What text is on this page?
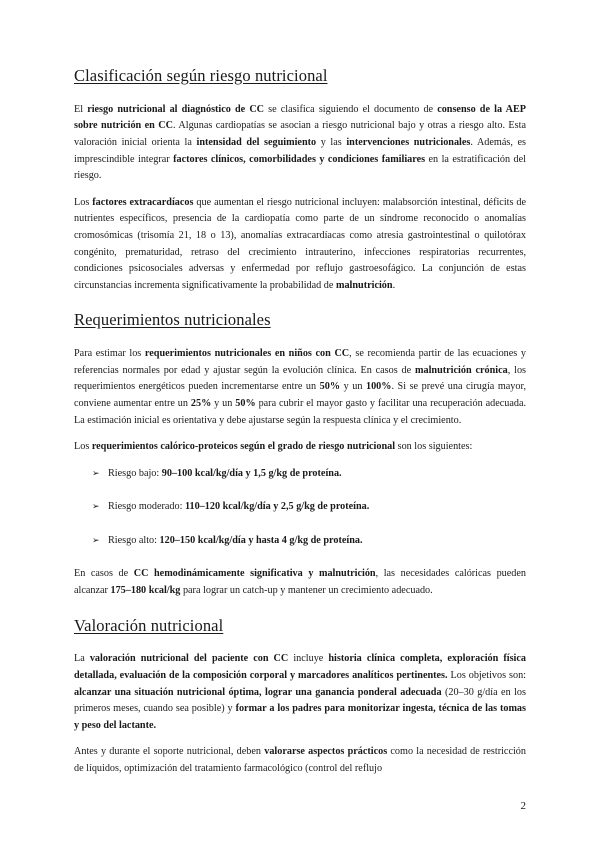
Clasificación según riesgo nutricional

El riesgo nutricional al diagnóstico de CC se clasifica siguiendo el documento de consenso de la AEP sobre nutrición en CC. Algunas cardiopatías se asocian a riesgo nutricional bajo y otras a riesgo alto. Esta valoración inicial orienta la intensidad del seguimiento y las intervenciones nutricionales. Además, es imprescindible integrar factores clínicos, comorbilidades y condiciones familiares en la estratificación del riesgo.

Los factores extracardíacos que aumentan el riesgo nutricional incluyen: malabsorción intestinal, déficits de nutrientes específicos, presencia de la cardiopatía como parte de un síndrome reconocido o anomalías cromosómicas (trisomía 21, 18 o 13), anomalías extracardíacas como atresia gastrointestinal o quilotórax congénito, prematuridad, retraso del crecimiento intrauterino, infecciones respiratorias recurrentes, condiciones psicosociales adversas y enfermedad por reflujo gastroesofágico. La conjunción de estas circunstancias incrementa significativamente la probabilidad de malnutrición.

Requerimientos nutricionales

Para estimar los requerimientos nutricionales en niños con CC, se recomienda partir de las ecuaciones y referencias normales por edad y ajustar según la evolución clínica. En casos de malnutrición crónica, los requerimientos energéticos pueden incrementarse entre un 50% y un 100%. Si se prevé una cirugía mayor, conviene aumentar entre un 25% y un 50% para cubrir el mayor gasto y facilitar una recuperación adecuada. La estimación inicial es orientativa y debe ajustarse según la respuesta clínica y el crecimiento.

Los requerimientos calórico-proteicos según el grado de riesgo nutricional son los siguientes:

➢ Riesgo bajo: 90–100 kcal/kg/día y 1,5 g/kg de proteína.
➢ Riesgo moderado: 110–120 kcal/kg/día y 2,5 g/kg de proteína.
➢ Riesgo alto: 120–150 kcal/kg/día y hasta 4 g/kg de proteína.

En casos de CC hemodinámicamente significativa y malnutrición, las necesidades calóricas pueden alcanzar 175–180 kcal/kg para lograr un catch-up y mantener un crecimiento adecuado.

Valoración nutricional

La valoración nutricional del paciente con CC incluye historia clínica completa, exploración física detallada, evaluación de la composición corporal y marcadores analíticos pertinentes. Los objetivos son: alcanzar una situación nutricional óptima, lograr una ganancia ponderal adecuada (20–30 g/día en los primeros meses, cuando sea posible) y formar a los padres para monitorizar ingesta, técnica de las tomas y peso del lactante.

Antes y durante el soporte nutricional, deben valorarse aspectos prácticos como la necesidad de restricción de líquidos, optimización del tratamiento farmacológico (control del reflujo

2
